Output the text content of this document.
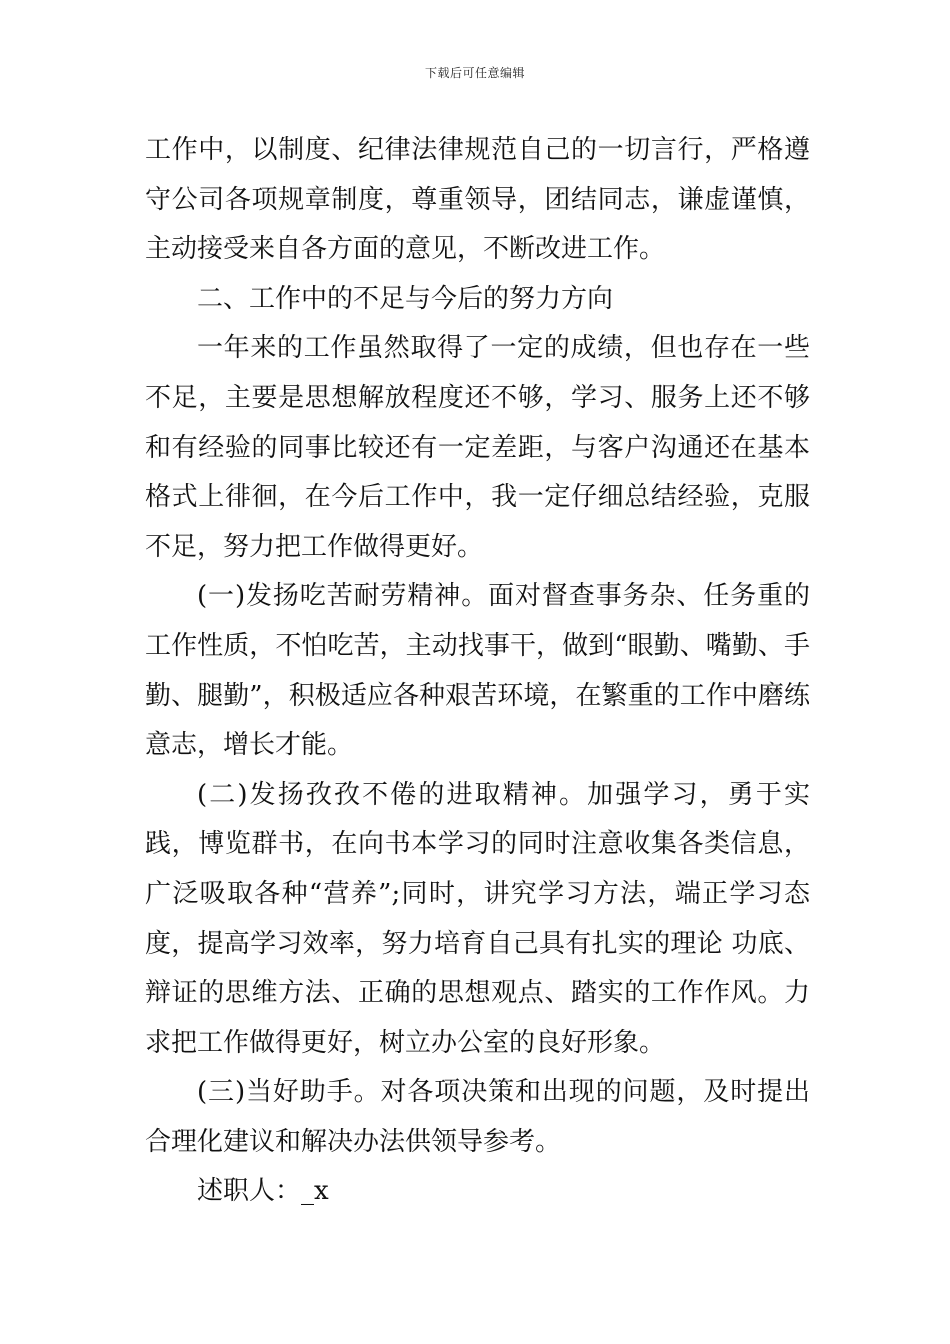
下载后可任意编辑

工作中，以制度、纪律法律规范自己的一切言行，严格遵守公司各项规章制度，尊重领导，团结同志，谦虚谨慎，主动接受来自各方面的意见，不断改进工作。

二、工作中的不足与今后的努力方向

一年来的工作虽然取得了一定的成绩，但也存在一些不足，主要是思想解放程度还不够，学习、服务上还不够和有经验的同事比较还有一定差距，与客户沟通还在基本格式上徘徊，在今后工作中，我一定仔细总结经验，克服不足，努力把工作做得更好。

(一)发扬吃苦耐劳精神。面对督查事务杂、任务重的工作性质，不怕吃苦，主动找事干，做到“眼勤、嘴勤、手勤、腿勤”，积极适应各种艰苦环境，在繁重的工作中磨练意志，增长才能。

(二)发扬孜孜不倦的进取精神。加强学习，勇于实践，博览群书，在向书本学习的同时注意收集各类信息，广泛吸取各种“营养”;同时，讲究学习方法，端正学习态度，提高学习效率，努力培育自己具有扎实的理论 功底、辩证的思维方法、正确的思想观点、踏实的工作作风。力求把工作做得更好，树立办公室的良好形象。

(三)当好助手。对各项决策和出现的问题，及时提出合理化建议和解决办法供领导参考。

述职人：_x
